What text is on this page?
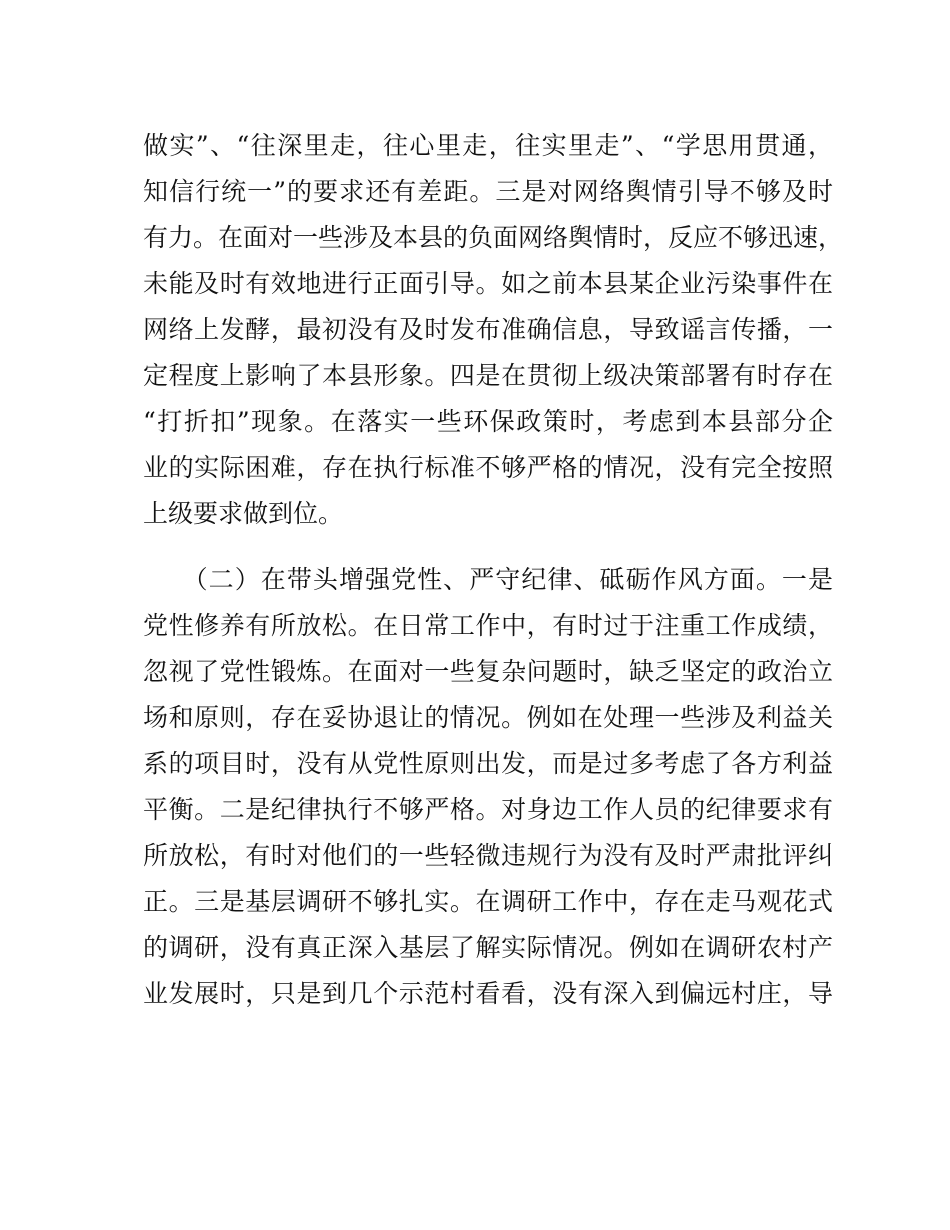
做实”、“往深里走，往心里走，往实里走”、“学思用贯通，
知信行统一”的要求还有差距。三是对网络舆情引导不够及时
有力。在面对一些涉及本县的负面网络舆情时，反应不够迅速，
未能及时有效地进行正面引导。如之前本县某企业污染事件在
网络上发酵，最初没有及时发布准确信息，导致谣言传播，一
定程度上影响了本县形象。四是在贯彻上级决策部署有时存在
“打折扣”现象。在落实一些环保政策时，考虑到本县部分企
业的实际困难，存在执行标准不够严格的情况，没有完全按照
上级要求做到位。
　　（二）在带头增强党性、严守纪律、砥砺作风方面。一是
党性修养有所放松。在日常工作中，有时过于注重工作成绩，
忽视了党性锻炼。在面对一些复杂问题时，缺乏坚定的政治立
场和原则，存在妥协退让的情况。例如在处理一些涉及利益关
系的项目时，没有从党性原则出发，而是过多考虑了各方利益
平衡。二是纪律执行不够严格。对身边工作人员的纪律要求有
所放松，有时对他们的一些轻微违规行为没有及时严肃批评纠
正。三是基层调研不够扎实。在调研工作中，存在走马观花式
的调研，没有真正深入基层了解实际情况。例如在调研农村产
业发展时，只是到几个示范村看看，没有深入到偏远村庄，导
